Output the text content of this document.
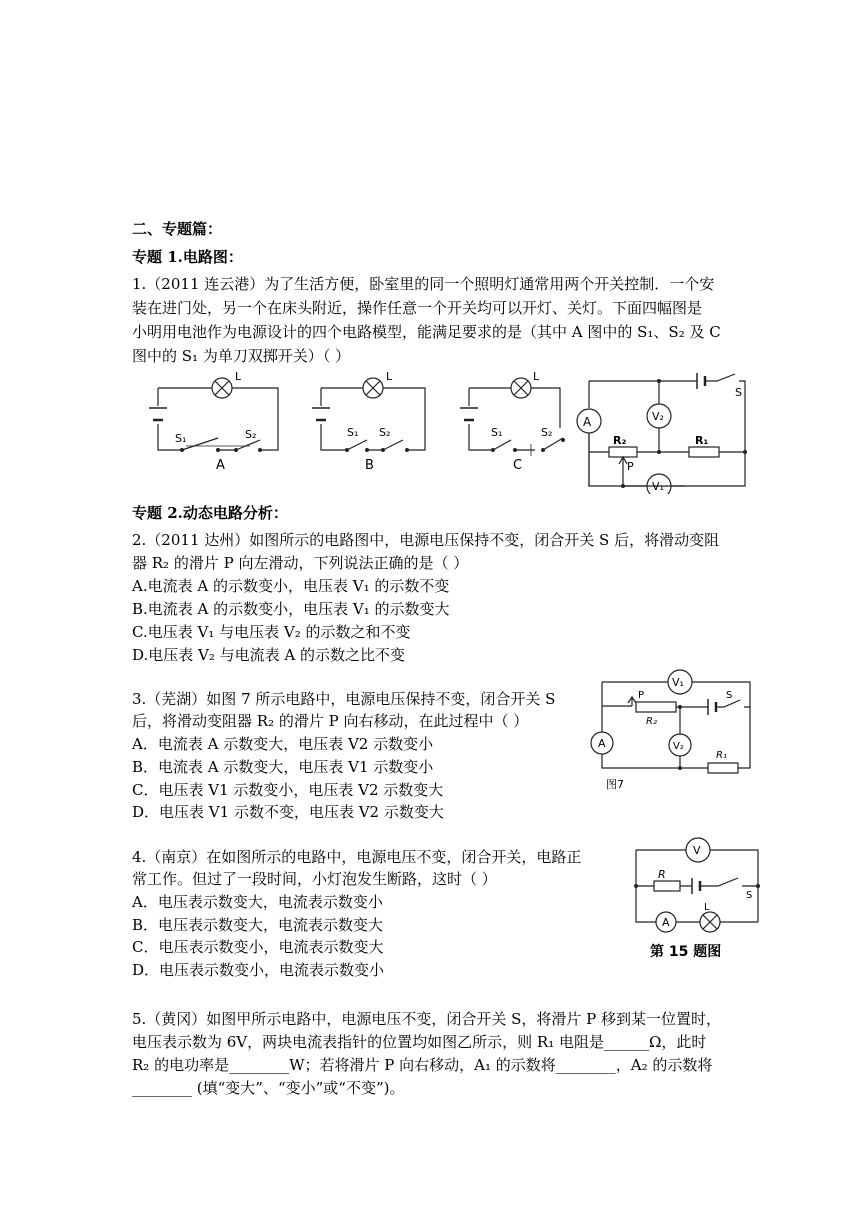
二、专题篇：
专题 1.电路图：
1.（2011 连云港）为了生活方便，卧室里的同一个照明灯通常用两个开关控制．一个安
装在进门处，另一个在床头附近，操作任意一个开关均可以开灯、关灯。下面四幅图是
小明用电池作为电源设计的四个电路模型，能满足要求的是（其中 A 图中的 S₁、S₂ 及 C
图中的 S₁ 为单刀双掷开关）（ ）
L
S₁	S₂
A
L
S₁ S₂
B
L
S₁	S₂
C
A	V₂
V₁
R₂	R₁
P
S
专题 2.动态电路分析：
2.（2011 达州）如图所示的电路图中，电源电压保持不变，闭合开关 S 后，将滑动变阻
器 R₂ 的滑片 P 向左滑动，下列说法正确的是（ ）
A.电流表 A 的示数变小，电压表 V₁ 的示数不变
B.电流表 A 的示数变小，电压表 V₁ 的示数变大
C.电压表 V₁ 与电压表 V₂ 的示数之和不变
D.电压表 V₂ 与电流表 A 的示数之比不变
3.（芜湖）如图 7 所示电路中，电源电压保持不变，闭合开关 S
后，将滑动变阻器 R₂ 的滑片 P 向右移动，在此过程中（ ）
A．电流表 A 示数变大，电压表 V2 示数变小
B．电流表 A 示数变大，电压表 V1 示数变小
C．电压表 V1 示数变小，电压表 V2 示数变大
D．电压表 V1 示数不变，电压表 V2 示数变大
V₁
A	V₂
R₂
R₁
P	S
图7
4.（南京）在如图所示的电路中，电源电压不变，闭合开关，电路正
常工作。但过了一段时间，小灯泡发生断路，这时（ ）
A．电压表示数变大，电流表示数变小
B．电压表示数变大，电流表示数变大
C．电压表示数变小，电流表示数变大
D．电压表示数变小，电流表示数变小
V
R
S
A
L
第 15 题图
5.（黄冈）如图甲所示电路中，电源电压不变，闭合开关 S，将滑片 P 移到某一位置时，
电压表示数为 6V，两块电流表指针的位置均如图乙所示，则 R₁ 电阻是______Ω，此时
R₂ 的电功率是________W；若将滑片 P 向右移动，A₁ 的示数将________，A₂ 的示数将
________ (填“变大”、“变小”或“不变”)。
